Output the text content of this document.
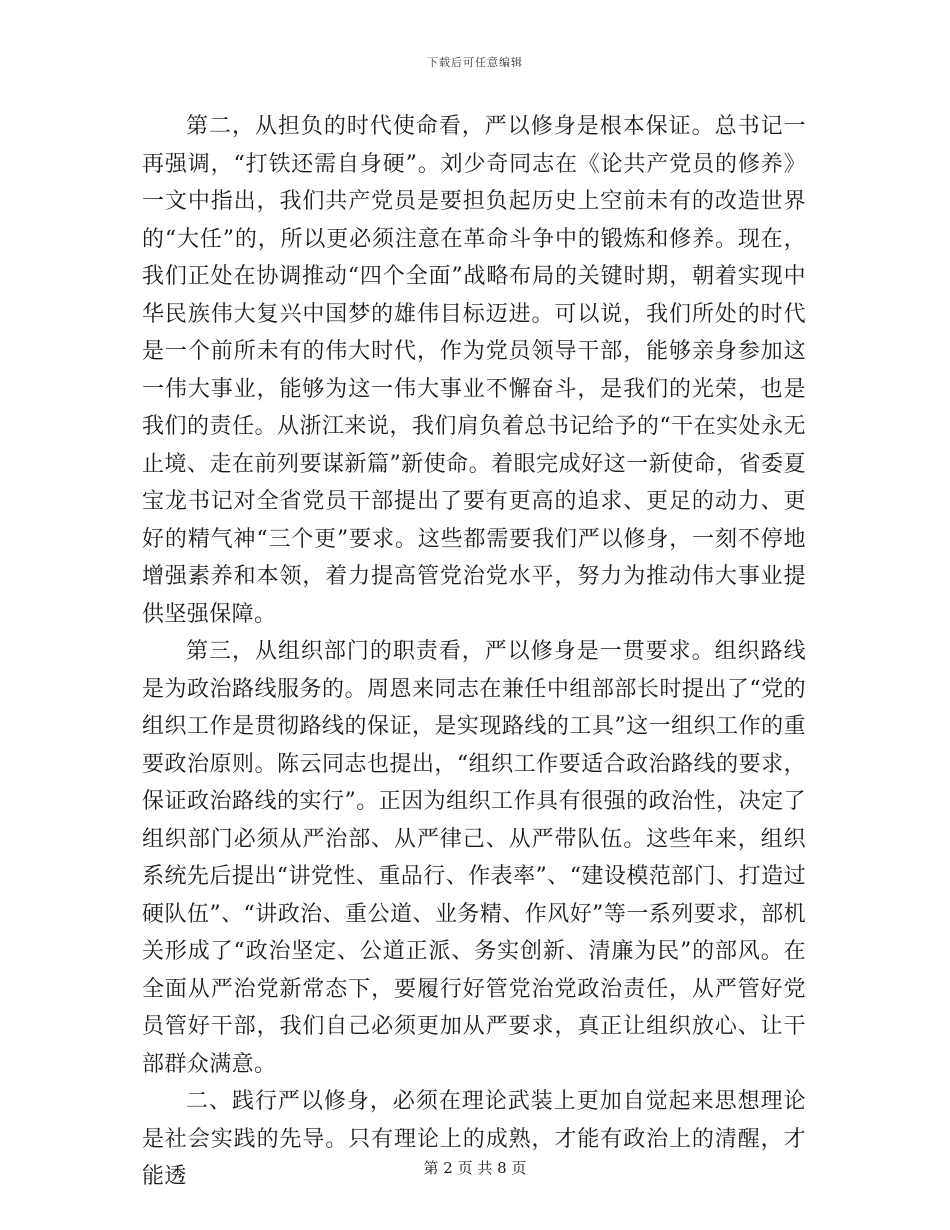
下载后可任意编辑

第二，从担负的时代使命看，严以修身是根本保证。总书记一再强调，“打铁还需自身硬”。刘少奇同志在《论共产党员的修养》一文中指出，我们共产党员是要担负起历史上空前未有的改造世界的“大任”的，所以更必须注意在革命斗争中的锻炼和修养。现在，我们正处在协调推动“四个全面”战略布局的关键时期，朝着实现中华民族伟大复兴中国梦的雄伟目标迈进。可以说，我们所处的时代是一个前所未有的伟大时代，作为党员领导干部，能够亲身参加这一伟大事业，能够为这一伟大事业不懈奋斗，是我们的光荣，也是我们的责任。从浙江来说，我们肩负着总书记给予的“干在实处永无止境、走在前列要谋新篇”新使命。着眼完成好这一新使命，省委夏宝龙书记对全省党员干部提出了要有更高的追求、更足的动力、更好的精气神“三个更”要求。这些都需要我们严以修身，一刻不停地增强素养和本领，着力提高管党治党水平，努力为推动伟大事业提供坚强保障。

第三，从组织部门的职责看，严以修身是一贯要求。组织路线是为政治路线服务的。周恩来同志在兼任中组部部长时提出了“党的组织工作是贯彻路线的保证，是实现路线的工具”这一组织工作的重要政治原则。陈云同志也提出，“组织工作要适合政治路线的要求，保证政治路线的实行”。正因为组织工作具有很强的政治性，决定了组织部门必须从严治部、从严律己、从严带队伍。这些年来，组织系统先后提出“讲党性、重品行、作表率”、“建设模范部门、打造过硬队伍”、“讲政治、重公道、业务精、作风好”等一系列要求，部机关形成了“政治坚定、公道正派、务实创新、清廉为民”的部风。在全面从严治党新常态下，要履行好管党治党政治责任，从严管好党员管好干部，我们自己必须更加从严要求，真正让组织放心、让干部群众满意。

二、践行严以修身，必须在理论武装上更加自觉起来思想理论是社会实践的先导。只有理论上的成熟，才能有政治上的清醒，才能透	第 2 页 共 8 页
